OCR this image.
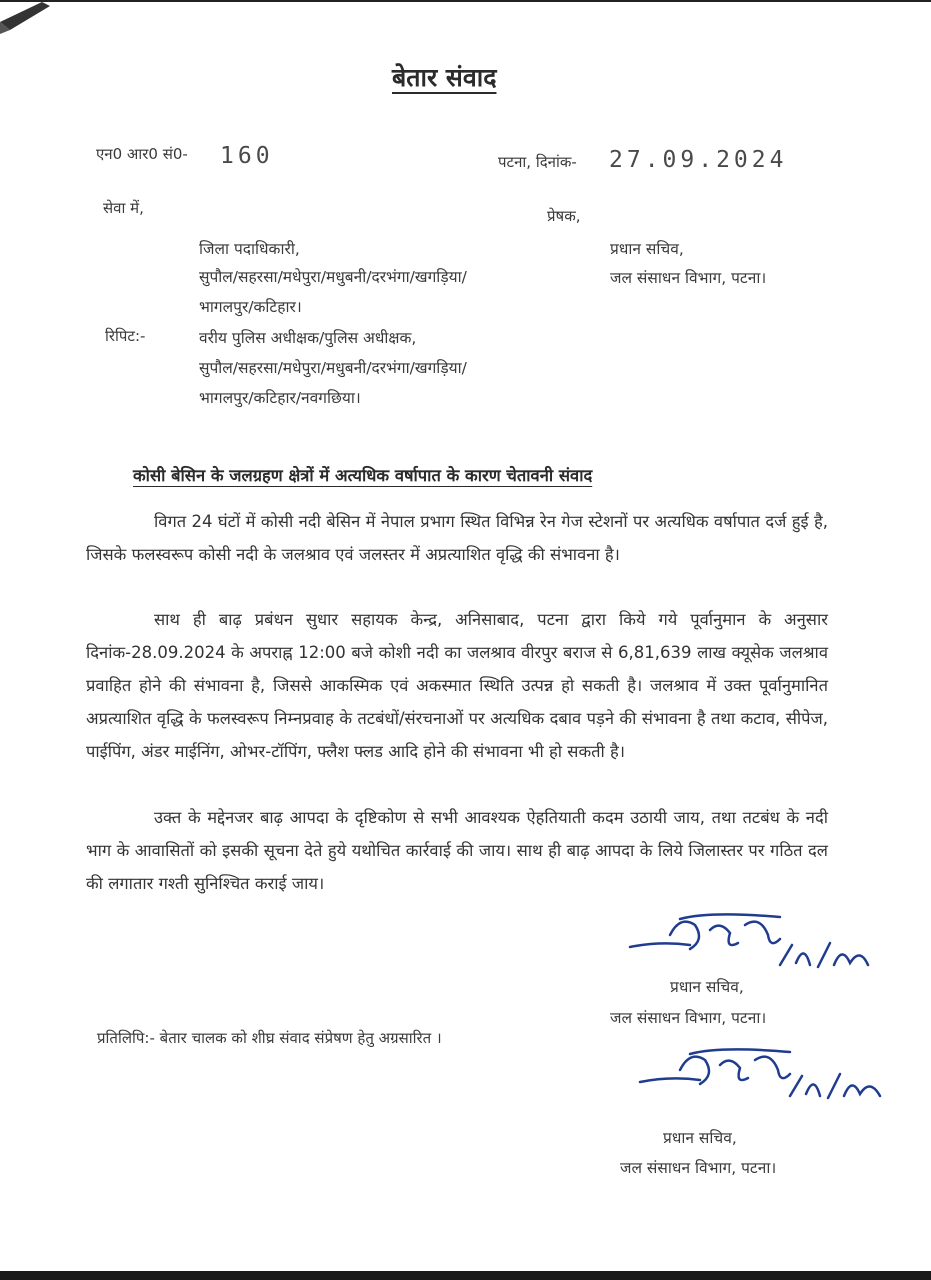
बेतार संवाद
एन0 आर0 सं0- 160	पटना, दिनांक- 27.09.2024
सेवा में,
जिला पदाधिकारी,
सुपौल/सहरसा/मधेपुरा/मधुबनी/दरभंगा/खगड़िया/
भागलपुर/कटिहार।
प्रेषक,
प्रधान सचिव,
जल संसाधन विभाग, पटना।
रिपिट:-	वरीय पुलिस अधीक्षक/पुलिस अधीक्षक,
सुपौल/सहरसा/मधेपुरा/मधुबनी/दरभंगा/खगड़िया/
भागलपुर/कटिहार/नवगछिया।
कोसी बेसिन के जलग्रहण क्षेत्रों में अत्यधिक वर्षापात के कारण चेतावनी संवाद
विगत 24 घंटों में कोसी नदी बेसिन में नेपाल प्रभाग स्थित विभिन्न रेन गेज स्टेशनों पर अत्यधिक वर्षापात दर्ज हुई है, जिसके फलस्वरूप कोसी नदी के जलश्राव एवं जलस्तर में अप्रत्याशित वृद्धि की संभावना है।
साथ ही बाढ़ प्रबंधन सुधार सहायक केन्द्र, अनिसाबाद, पटना द्वारा किये गये पूर्वानुमान के अनुसार दिनांक-28.09.2024 के अपराह्न 12:00 बजे कोशी नदी का जलश्राव वीरपुर बराज से 6,81,639 लाख क्यूसेक जलश्राव प्रवाहित होने की संभावना है, जिससे आकस्मिक एवं अकस्मात स्थिति उत्पन्न हो सकती है। जलश्राव में उक्त पूर्वानुमानित अप्रत्याशित वृद्धि के फलस्वरूप निम्नप्रवाह के तटबंधों/संरचनाओं पर अत्यधिक दबाव पड़ने की संभावना है तथा कटाव, सीपेज, पाईपिंग, अंडर माईनिंग, ओभर-टॉपिंग, फ्लैश फ्लड आदि होने की संभावना भी हो सकती है।
उक्त के मद्देनजर बाढ़ आपदा के दृष्टिकोण से सभी आवश्यक ऐहतियाती कदम उठायी जाय, तथा तटबंध के नदी भाग के आवासितों को इसकी सूचना देते हुये यथोचित कार्रवाई की जाय। साथ ही बाढ़ आपदा के लिये जिलास्तर पर गठित दल की लगातार गश्ती सुनिश्चित कराई जाय।
प्रधान सचिव,
जल संसाधन विभाग, पटना।
प्रतिलिपि:- बेतार चालक को शीघ्र संवाद संप्रेषण हेतु अग्रसारित ।
प्रधान सचिव,
जल संसाधन विभाग, पटना।
